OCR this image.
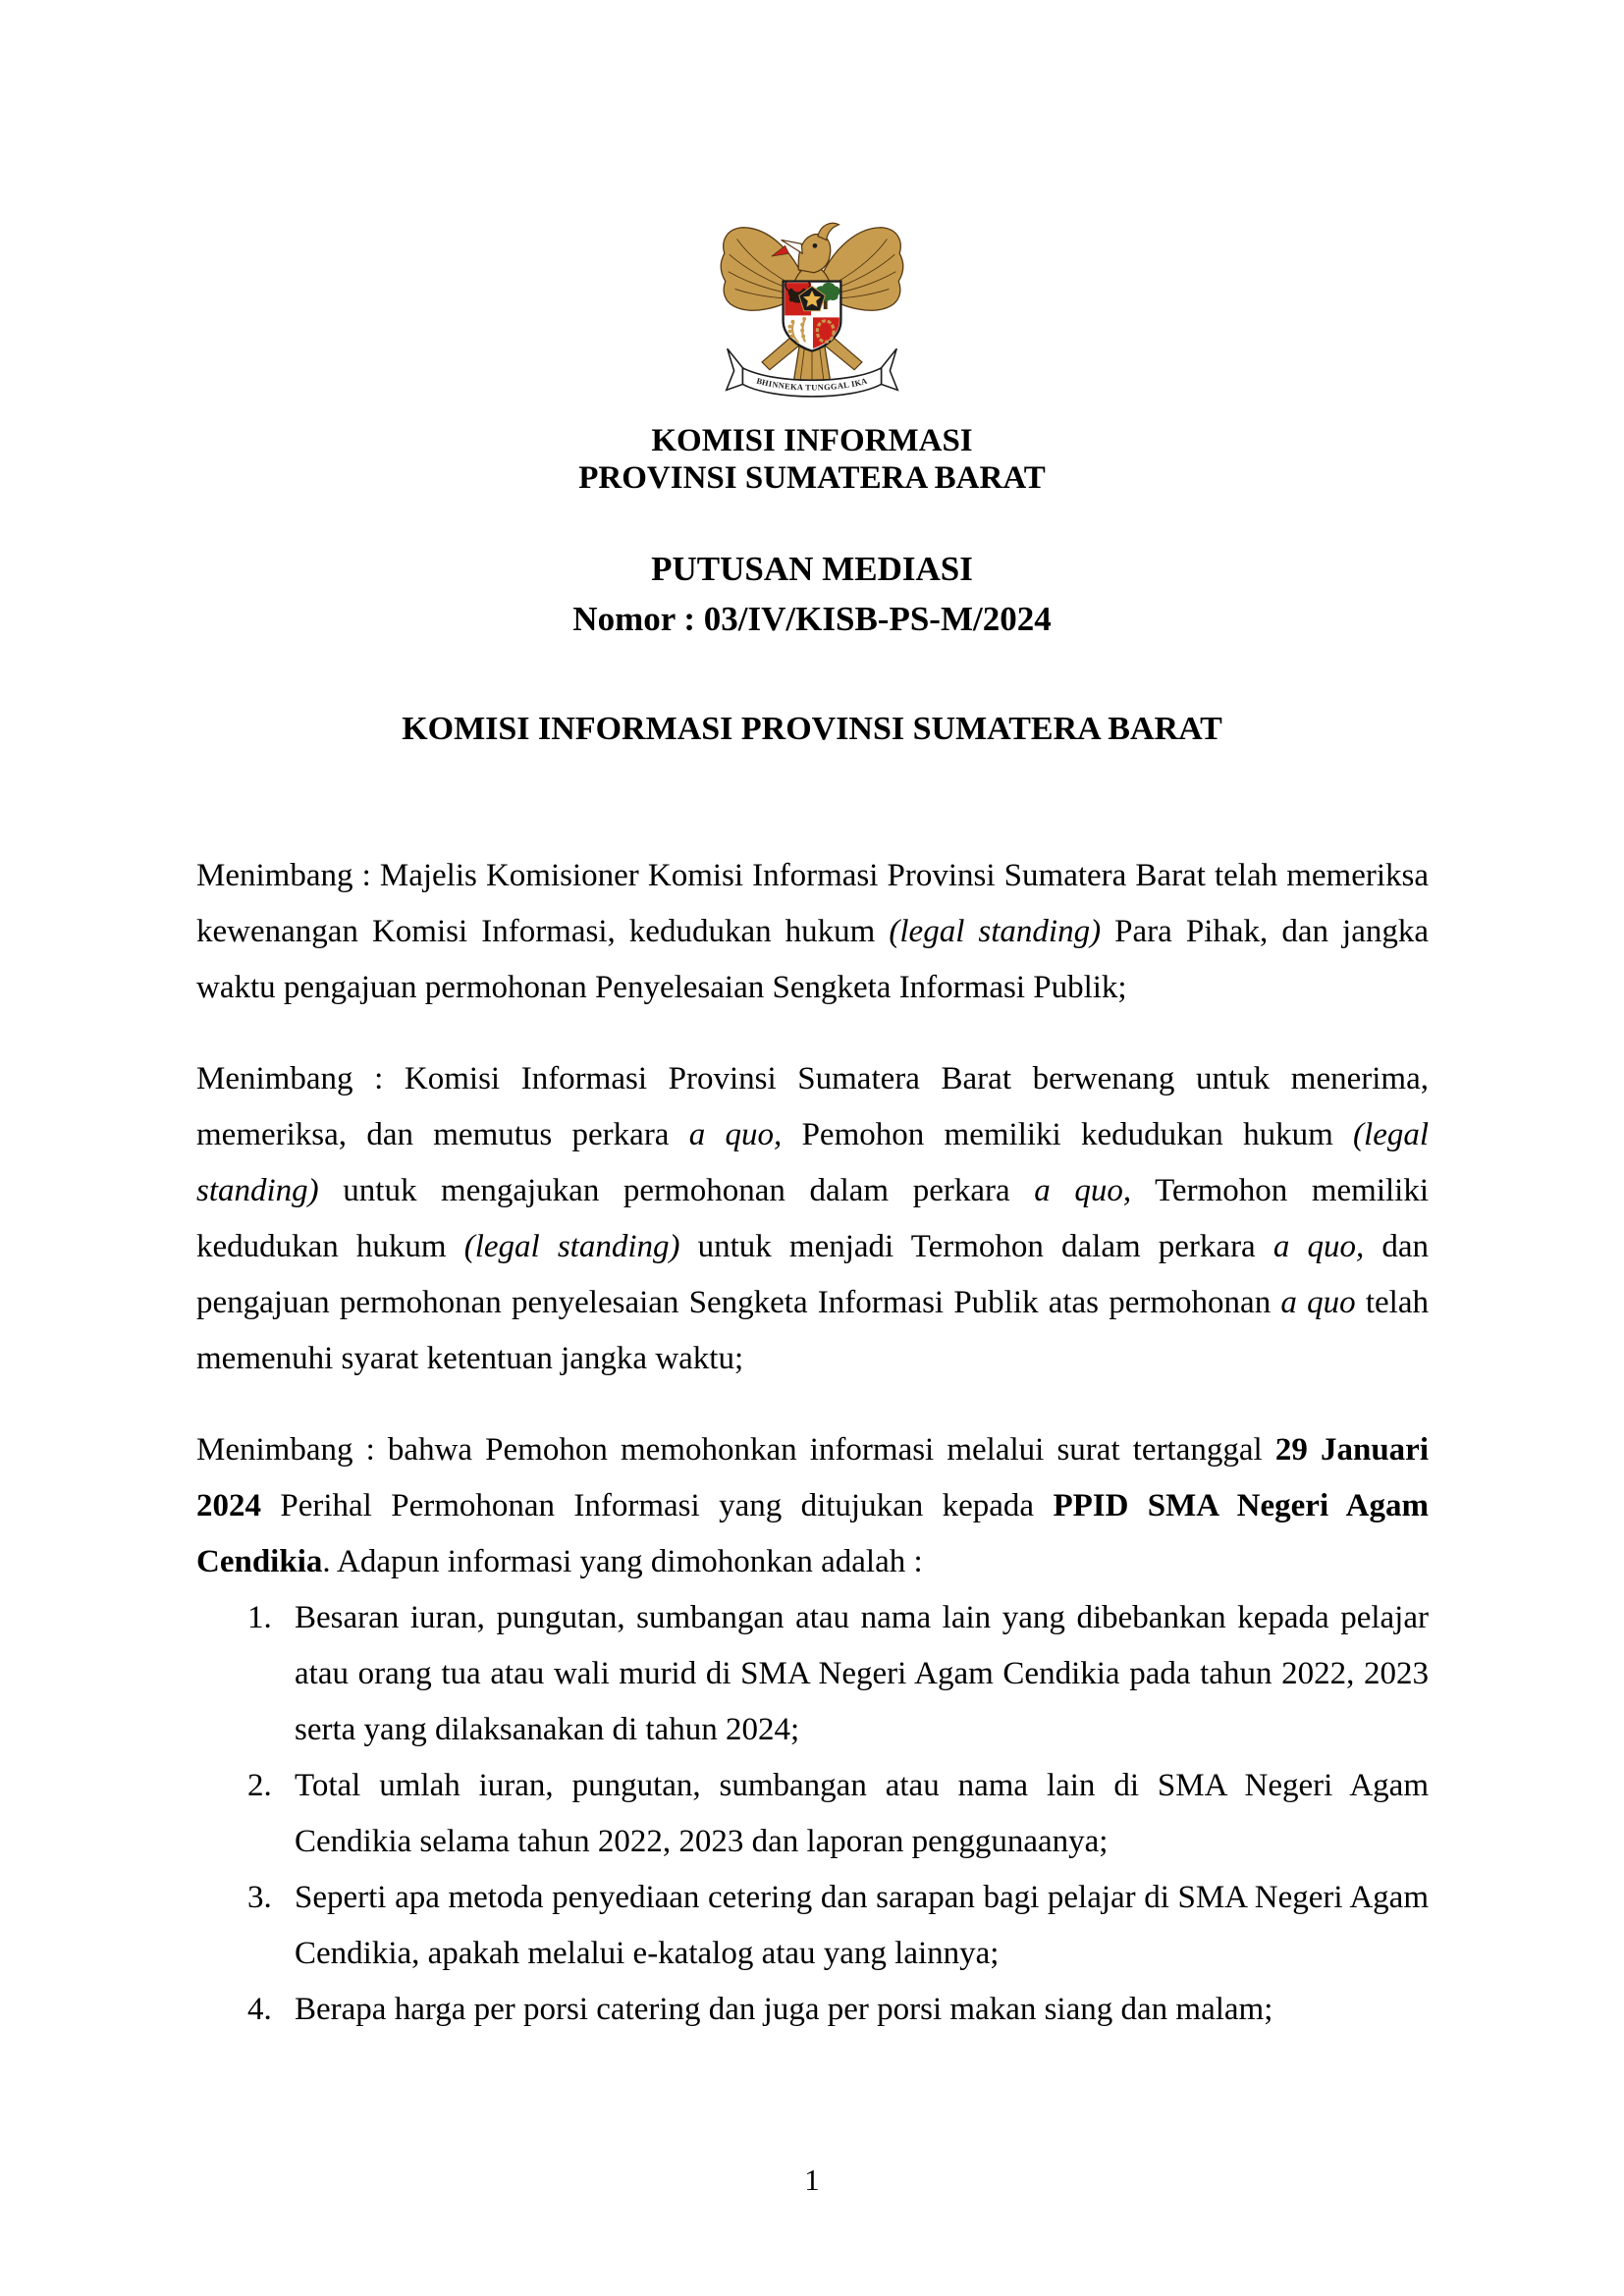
BHINNEKA TUNGGAL IKA
KOMISI INFORMASI
PROVINSI SUMATERA BARAT
PUTUSAN MEDIASI
Nomor : 03/IV/KISB-PS-M/2024
KOMISI INFORMASI PROVINSI SUMATERA BARAT

Menimbang : Majelis Komisioner Komisi Informasi Provinsi Sumatera Barat telah memeriksa kewenangan Komisi Informasi, kedudukan hukum (legal standing) Para Pihak, dan jangka waktu pengajuan permohonan Penyelesaian Sengketa Informasi Publik;

Menimbang : Komisi Informasi Provinsi Sumatera Barat berwenang untuk menerima, memeriksa, dan memutus perkara a quo, Pemohon memiliki kedudukan hukum (legal standing) untuk mengajukan permohonan dalam perkara a quo, Termohon memiliki kedudukan hukum (legal standing) untuk menjadi Termohon dalam perkara a quo, dan pengajuan permohonan penyelesaian Sengketa Informasi Publik atas permohonan a quo telah memenuhi syarat ketentuan jangka waktu;

Menimbang : bahwa Pemohon memohonkan informasi melalui surat tertanggal 29 Januari 2024 Perihal Permohonan Informasi yang ditujukan kepada PPID SMA Negeri Agam Cendikia. Adapun informasi yang dimohonkan adalah :

Besaran iuran, pungutan, sumbangan atau nama lain yang dibebankan kepada pelajar atau orang tua atau wali murid di SMA Negeri Agam Cendikia pada tahun 2022, 2023 serta yang dilaksanakan di tahun 2024;
Total umlah iuran, pungutan, sumbangan atau nama lain di SMA Negeri Agam Cendikia selama tahun 2022, 2023 dan laporan penggunaanya;
Seperti apa metoda penyediaan cetering dan sarapan bagi pelajar di SMA Negeri Agam Cendikia, apakah melalui e-katalog atau yang lainnya;
Berapa harga per porsi catering dan juga per porsi makan siang dan malam;
1
